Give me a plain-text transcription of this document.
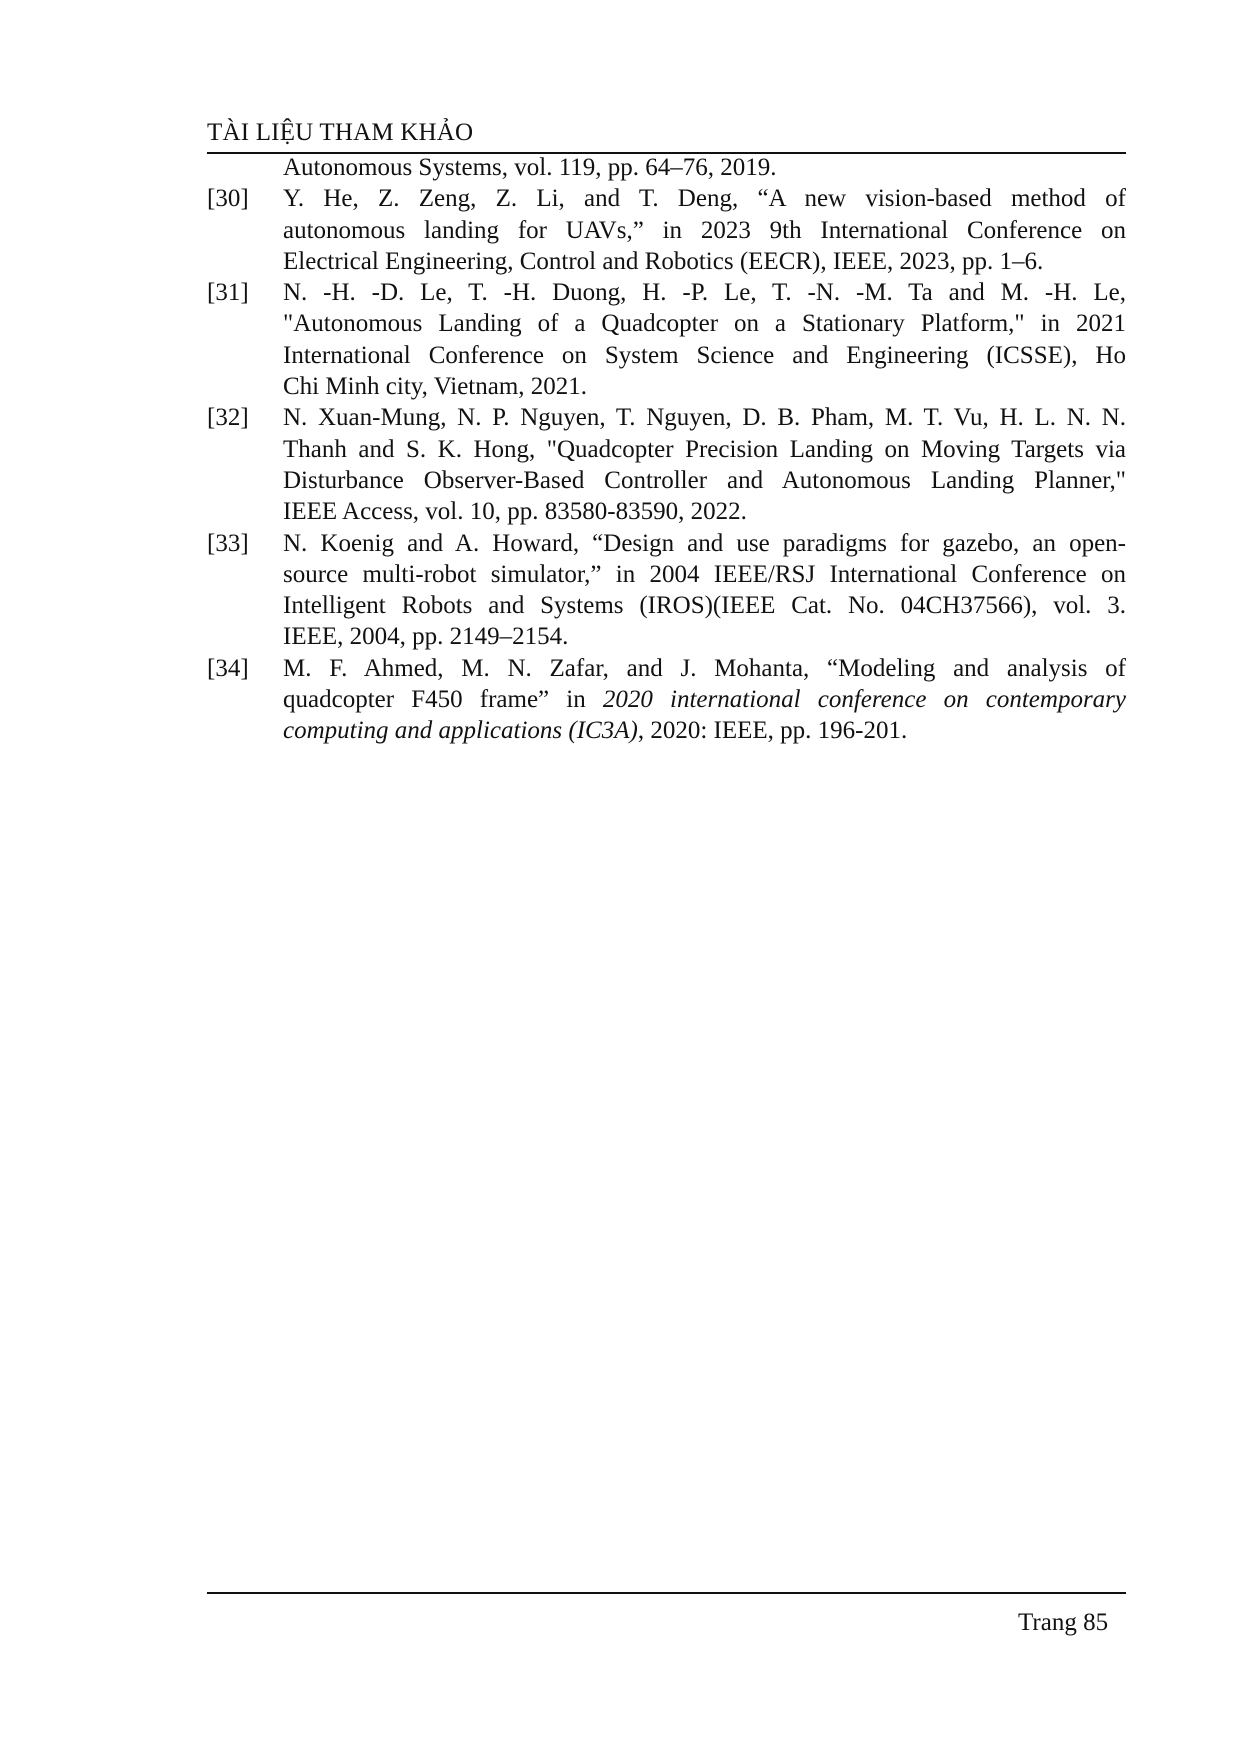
TÀI LIỆU THAM KHẢO
Autonomous Systems, vol. 119, pp. 64–76, 2019.
[30]	Y. He, Z. Zeng, Z. Li, and T. Deng, “A new vision-based method of
autonomous landing for UAVs,” in 2023 9th International Conference on
Electrical Engineering, Control and Robotics (EECR), IEEE, 2023, pp. 1–6.
[31]	N. -H. -D. Le, T. -H. Duong, H. -P. Le, T. -N. -M. Ta and M. -H. Le,
"Autonomous Landing of a Quadcopter on a Stationary Platform," in 2021
International Conference on System Science and Engineering (ICSSE), Ho
Chi Minh city, Vietnam, 2021.
[32]	N. Xuan-Mung, N. P. Nguyen, T. Nguyen, D. B. Pham, M. T. Vu, H. L. N. N.
Thanh and S. K. Hong, "Quadcopter Precision Landing on Moving Targets via
Disturbance Observer-Based Controller and Autonomous Landing Planner,"
IEEE Access, vol. 10, pp. 83580-83590, 2022.
[33]	N. Koenig and A. Howard, “Design and use paradigms for gazebo, an open-
source multi-robot simulator,” in 2004 IEEE/RSJ International Conference on
Intelligent Robots and Systems (IROS)(IEEE Cat. No. 04CH37566), vol. 3.
IEEE, 2004, pp. 2149–2154.
[34]	M. F. Ahmed, M. N. Zafar, and J. Mohanta, “Modeling and analysis of
quadcopter F450 frame” in 2020 international conference on contemporary
computing and applications (IC3A), 2020: IEEE, pp. 196-201.
Trang 85
